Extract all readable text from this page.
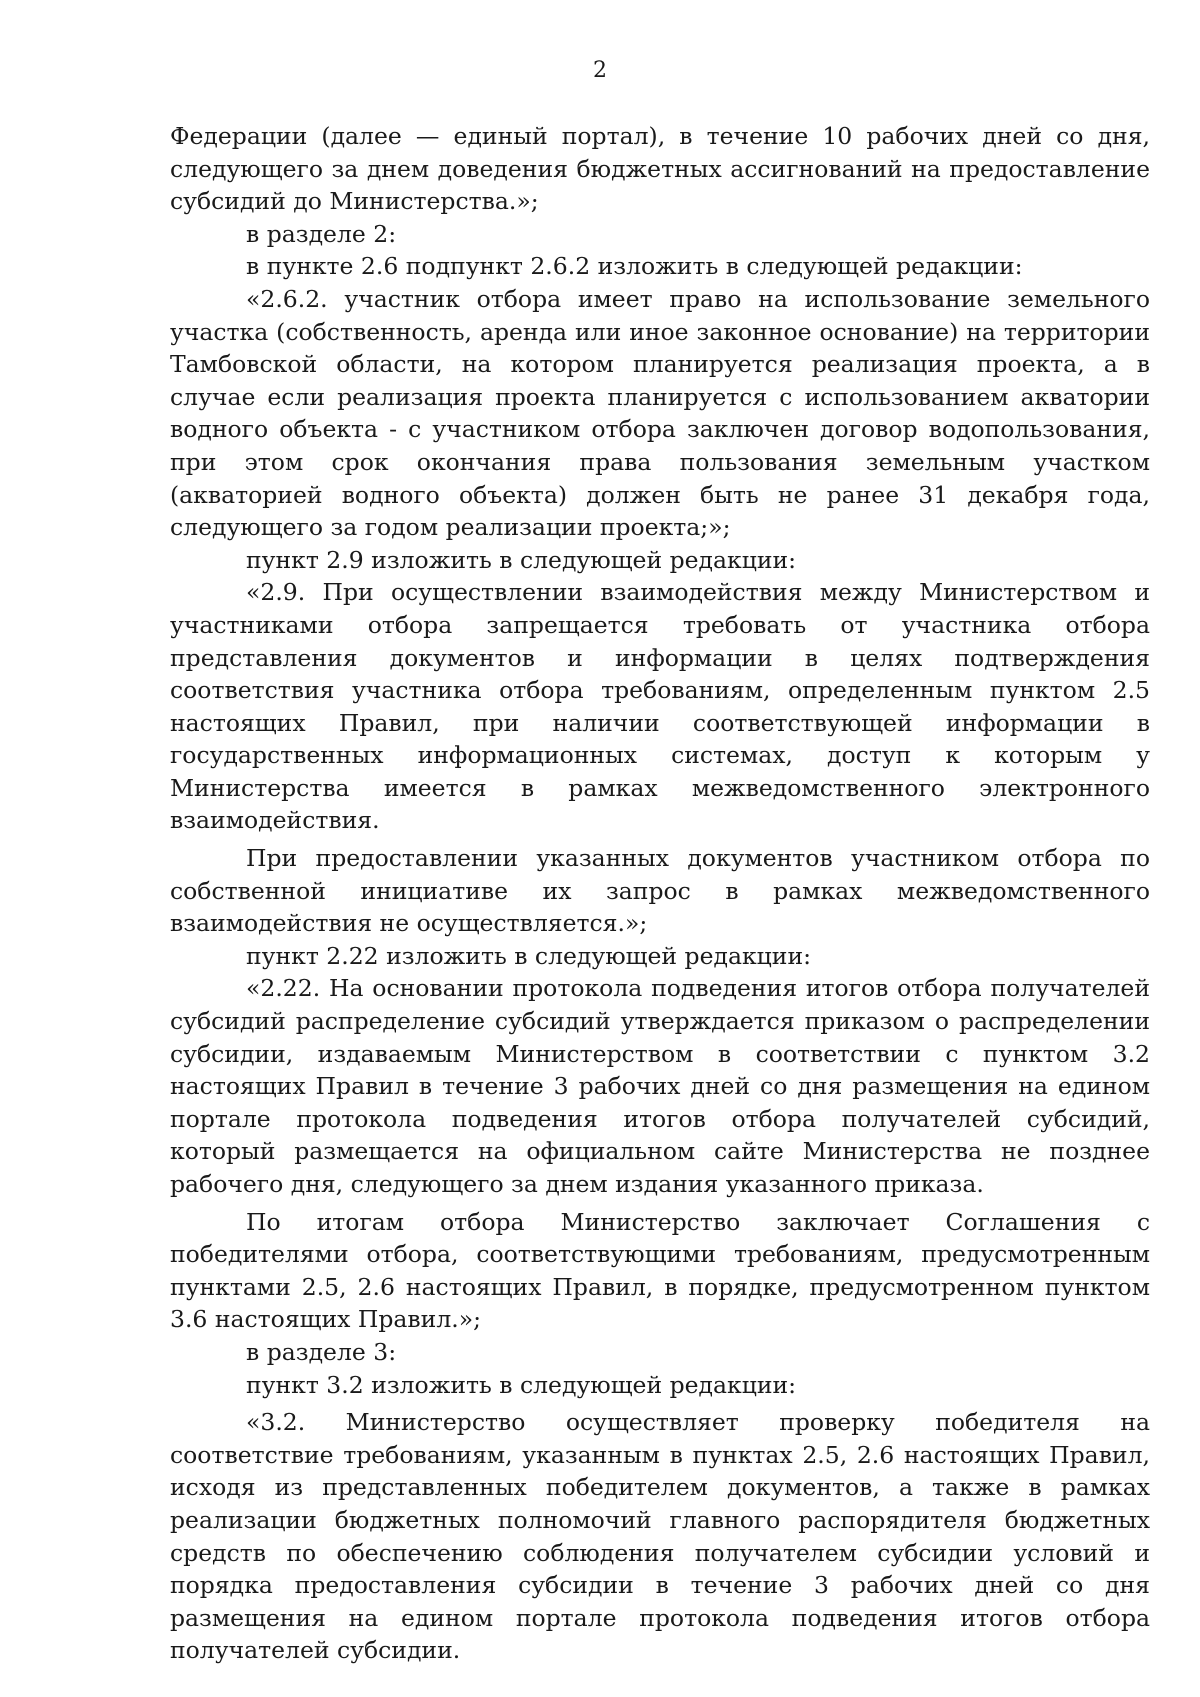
2

Федерации (далее — единый портал), в течение 10 рабочих дней со дня, следующего за днем доведения бюджетных ассигнований на предоставление субсидий до Министерства.»;

в разделе 2:

в пункте 2.6 подпункт 2.6.2 изложить в следующей редакции:

«2.6.2. участник отбора имеет право на использование земельного участка (собственность, аренда или иное законное основание) на территории Тамбовской области, на котором планируется реализация проекта, а в случае если реализация проекта планируется с использованием акватории водного объекта - с участником отбора заключен договор водопользования, при этом срок окончания права пользования земельным участком (акваторией водного объекта) должен быть не ранее 31 декабря года, следующего за годом реализации проекта;»;

пункт 2.9 изложить в следующей редакции:

«2.9. При осуществлении взаимодействия между Министерством и участниками отбора запрещается требовать от участника отбора представления документов и информации в целях подтверждения соответствия участника отбора требованиям, определенным пунктом 2.5 настоящих Правил, при наличии соответствующей информации в государственных информационных системах, доступ к которым у Министерства имеется в рамках межведомственного электронного взаимодействия.

При предоставлении указанных документов участником отбора по собственной инициативе их запрос в рамках межведомственного взаимодействия не осуществляется.»;

пункт 2.22 изложить в следующей редакции:

«2.22. На основании протокола подведения итогов отбора получателей субсидий распределение субсидий утверждается приказом о распределении субсидии, издаваемым Министерством в соответствии с пунктом 3.2 настоящих Правил в течение 3 рабочих дней со дня размещения на едином портале протокола подведения итогов отбора получателей субсидий, который размещается на официальном сайте Министерства не позднее рабочего дня, следующего за днем издания указанного приказа.

По итогам отбора Министерство заключает Соглашения с победителями отбора, соответствующими требованиям, предусмотренным пунктами 2.5, 2.6 настоящих Правил, в порядке, предусмотренном пунктом 3.6 настоящих Правил.»;

в разделе 3:

пункт 3.2 изложить в следующей редакции:

«3.2. Министерство осуществляет проверку победителя на соответствие требованиям, указанным в пунктах 2.5, 2.6 настоящих Правил, исходя из представленных победителем документов, а также в рамках реализации бюджетных полномочий главного распорядителя бюджетных средств по обеспечению соблюдения получателем субсидии условий и порядка предоставления субсидии в течение 3 рабочих дней со дня размещения на едином портале протокола подведения итогов отбора получателей субсидии.
